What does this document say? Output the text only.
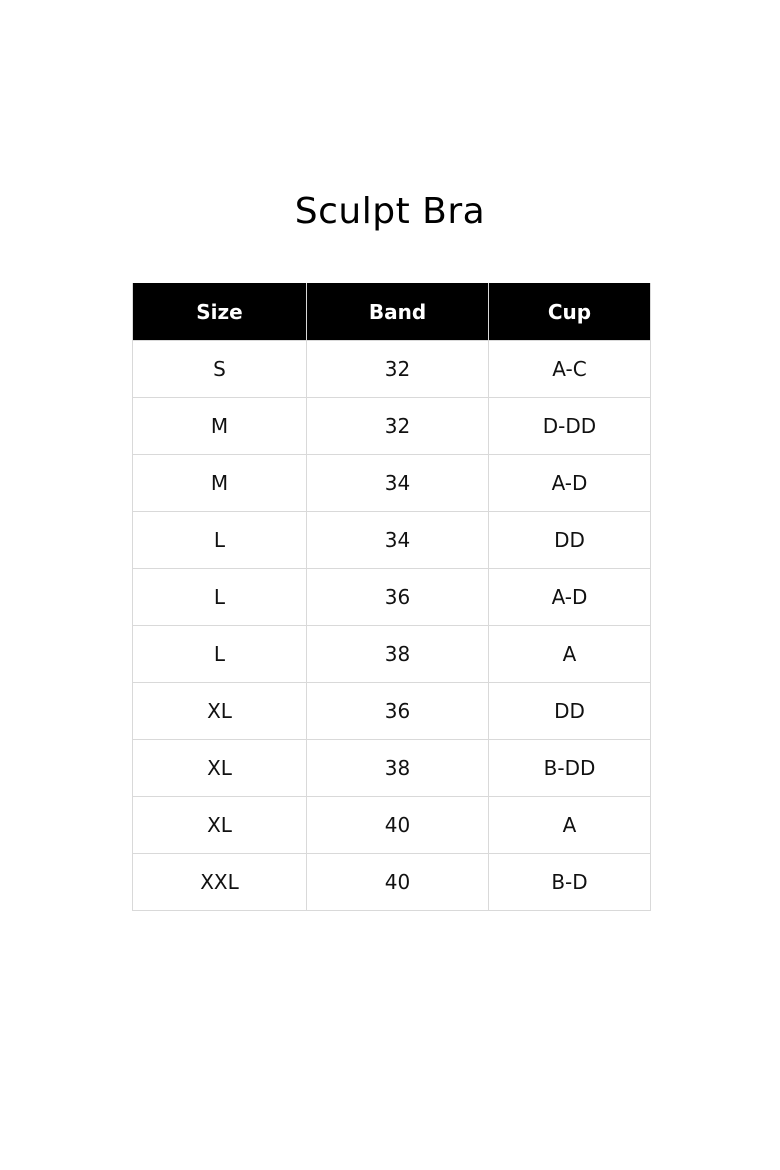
Sculpt Bra
Size	Band	Cup
S	32	A-C
M	32	D-DD
M	34	A-D
L	34	DD
L	36	A-D
L	38	A
XL	36	DD
XL	38	B-DD
XL	40	A
XXL	40	B-D
